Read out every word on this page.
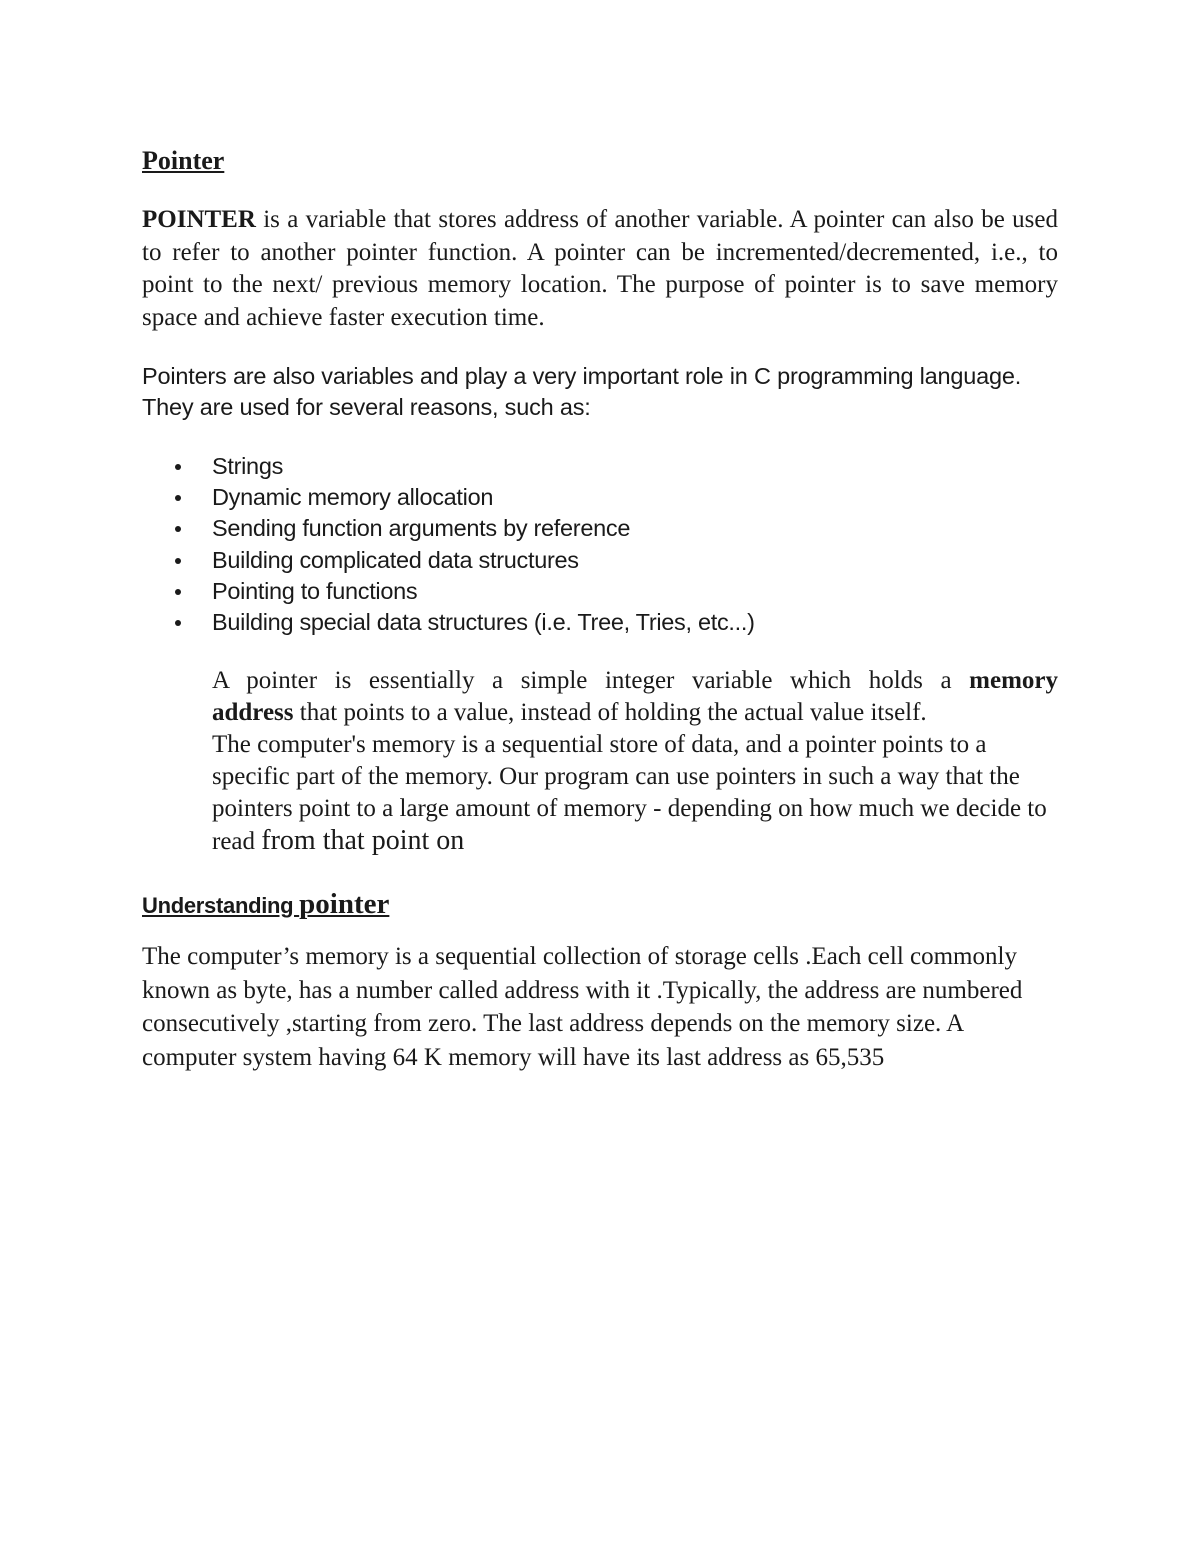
Pointer

POINTER is a variable that stores address of another variable. A pointer can also be used to refer to another pointer function. A pointer can be incremented/decremented, i.e., to point to the next/ previous memory location. The purpose of pointer is to save memory space and achieve faster execution time.

Pointers are also variables and play a very important role in C programming language. They are used for several reasons, such as:

Strings
Dynamic memory allocation
Sending function arguments by reference
Building complicated data structures
Pointing to functions
Building special data structures (i.e. Tree, Tries, etc...)
A pointer is essentially a simple integer variable which holds a memory
address that points to a value, instead of holding the actual value itself.
The computer's memory is a sequential store of data, and a pointer points to a specific part of the memory. Our program can use pointers in such a way that the pointers point to a large amount of memory - depending on how much we decide to read from that point on
Understanding pointer

The computer’s memory is a sequential collection of storage cells .Each cell commonly known as byte, has a number called address with it .Typically, the address are numbered consecutively ,starting from zero. The last address depends on the memory size. A computer system having 64 K memory will have its last address as 65,535
